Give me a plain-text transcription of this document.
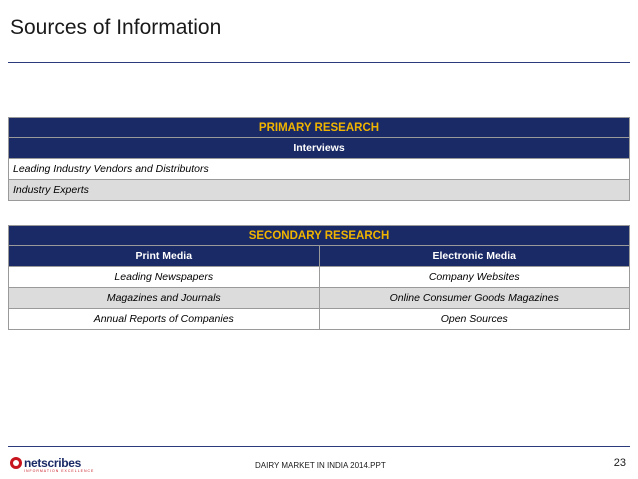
Sources of Information
PRIMARY RESEARCH
Interviews
Leading Industry Vendors and Distributors
Industry Experts
SECONDARY RESEARCH	
Print Media	Electronic Media
Leading Newspapers	Company Websites
Magazines and Journals	Online Consumer Goods Magazines
Annual Reports of Companies	Open Sources
netscribes
INFORMATION EXCELLENCE
DAIRY MARKET IN INDIA 2014.PPT	23
